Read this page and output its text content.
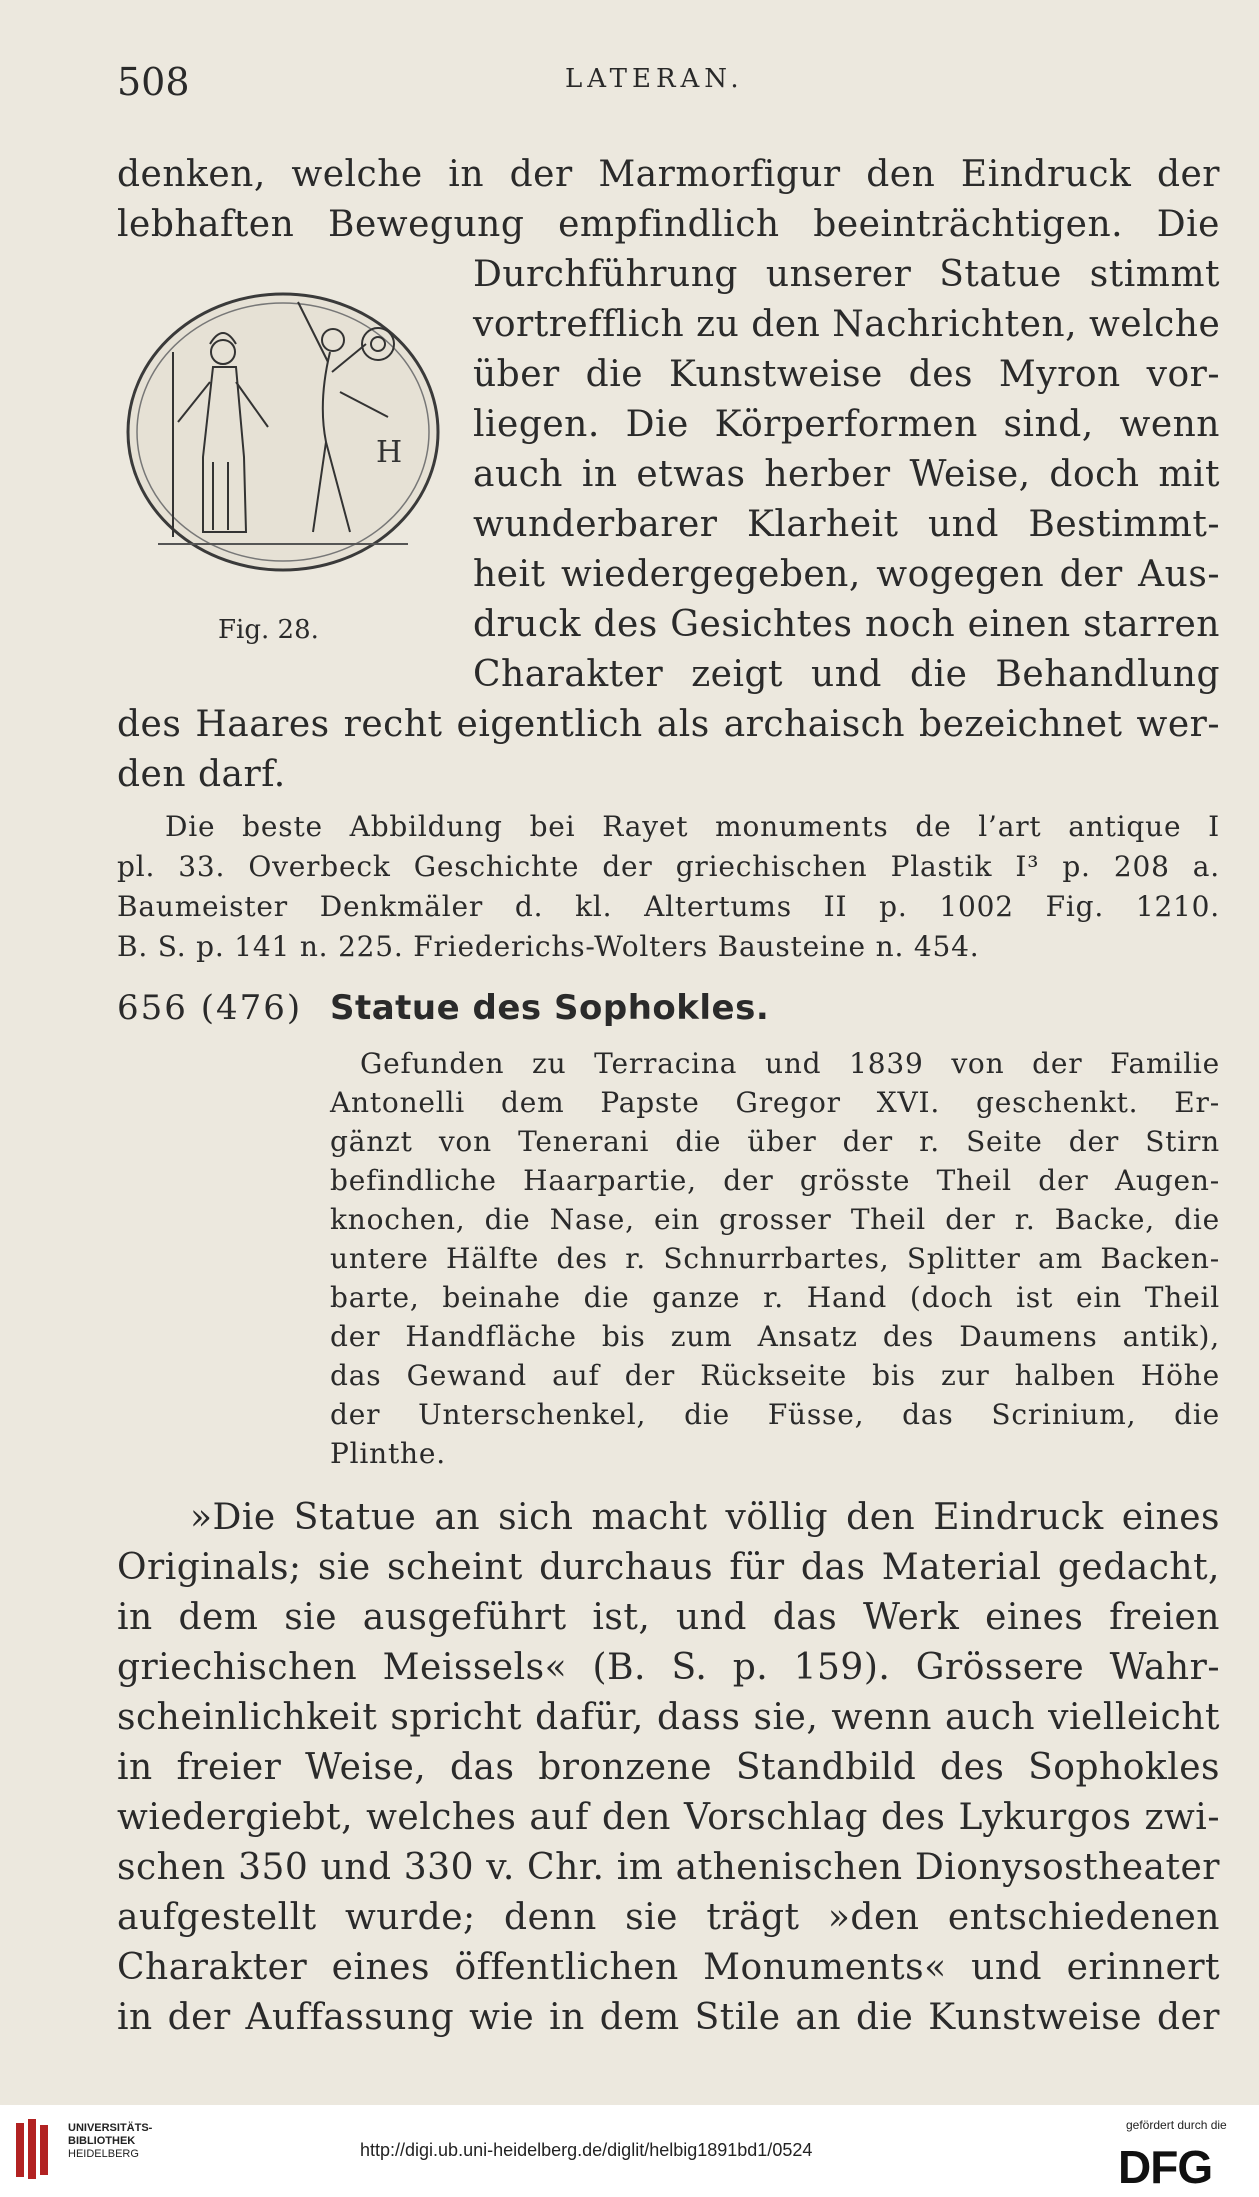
508	LATERAN.
denken, welche in der Marmorfigur den Eindruck der
lebhaften Bewegung empfindlich beeinträchtigen. Die
Durchführung unserer Statue stimmt
vortrefflich zu den Nachrichten, welche
über die Kunstweise des Myron vor-
liegen. Die Körperformen sind, wenn
auch in etwas herber Weise, doch mit
wunderbarer Klarheit und Bestimmt-
heit wiedergegeben, wogegen der Aus-
druck des Gesichtes noch einen starren
Charakter zeigt und die Behandlung
des Haares recht eigentlich als archaisch bezeichnet wer-
den darf.
H
Fig. 28.
Die beste Abbildung bei Rayet monuments de l’art antique I
pl. 33. Overbeck Geschichte der griechischen Plastik I³ p. 208 a.
Baumeister Denkmäler d. kl. Altertums II p. 1002 Fig. 1210.
B. S. p. 141 n. 225. Friederichs-Wolters Bausteine n. 454.
656 (476) Statue des Sophokles.
Gefunden zu Terracina und 1839 von der Familie
Antonelli dem Papste Gregor XVI. geschenkt. Er-
gänzt von Tenerani die über der r. Seite der Stirn
befindliche Haarpartie, der grösste Theil der Augen-
knochen, die Nase, ein grosser Theil der r. Backe, die
untere Hälfte des r. Schnurrbartes, Splitter am Backen-
barte, beinahe die ganze r. Hand (doch ist ein Theil
der Handfläche bis zum Ansatz des Daumens antik),
das Gewand auf der Rückseite bis zur halben Höhe
der Unterschenkel, die Füsse, das Scrinium, die
Plinthe.
»Die Statue an sich macht völlig den Eindruck eines
Originals; sie scheint durchaus für das Material gedacht,
in dem sie ausgeführt ist, und das Werk eines freien
griechischen Meissels« (B. S. p. 159). Grössere Wahr-
scheinlichkeit spricht dafür, dass sie, wenn auch vielleicht
in freier Weise, das bronzene Standbild des Sophokles
wiedergiebt, welches auf den Vorschlag des Lykurgos zwi-
schen 350 und 330 v. Chr. im athenischen Dionysostheater
aufgestellt wurde; denn sie trägt »den entschiedenen
Charakter eines öffentlichen Monuments« und erinnert
in der Auffassung wie in dem Stile an die Kunstweise der
UNIVERSITÄTS-
BIBLIOTHEK
HEIDELBERG	http://digi.ub.uni-heidelberg.de/diglit/helbig1891bd1/0524
gefördert durch die
DFG
